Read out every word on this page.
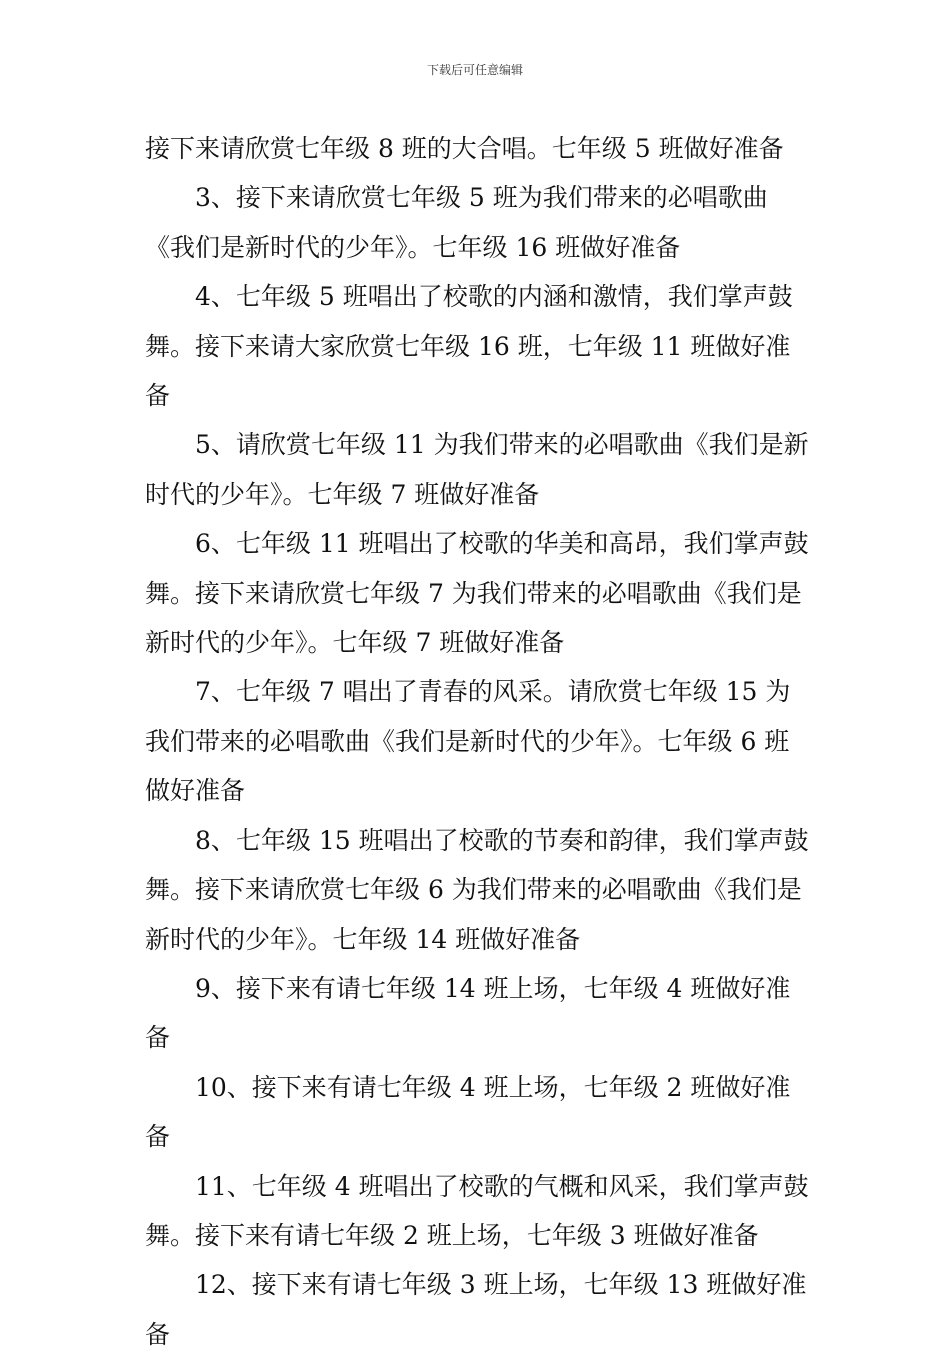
下载后可任意编辑

接下来请欣赏七年级 8 班的大合唱。七年级 5 班做好准备

3、接下来请欣赏七年级 5 班为我们带来的必唱歌曲《我们是新时代的少年》。七年级 16 班做好准备

4、七年级 5 班唱出了校歌的内涵和激情，我们掌声鼓舞。接下来请大家欣赏七年级 16 班，七年级 11 班做好准备

5、请欣赏七年级 11 为我们带来的必唱歌曲《我们是新时代的少年》。七年级 7 班做好准备

6、七年级 11 班唱出了校歌的华美和高昂，我们掌声鼓舞。接下来请欣赏七年级 7 为我们带来的必唱歌曲《我们是新时代的少年》。七年级 7 班做好准备

7、七年级 7 唱出了青春的风采。请欣赏七年级 15 为我们带来的必唱歌曲《我们是新时代的少年》。七年级 6 班做好准备

8、七年级 15 班唱出了校歌的节奏和韵律，我们掌声鼓舞。接下来请欣赏七年级 6 为我们带来的必唱歌曲《我们是新时代的少年》。七年级 14 班做好准备

9、接下来有请七年级 14 班上场，七年级 4 班做好准备

10、接下来有请七年级 4 班上场，七年级 2 班做好准备

11、七年级 4 班唱出了校歌的气概和风采，我们掌声鼓舞。接下来有请七年级 2 班上场，七年级 3 班做好准备

12、接下来有请七年级 3 班上场，七年级 13 班做好准备
